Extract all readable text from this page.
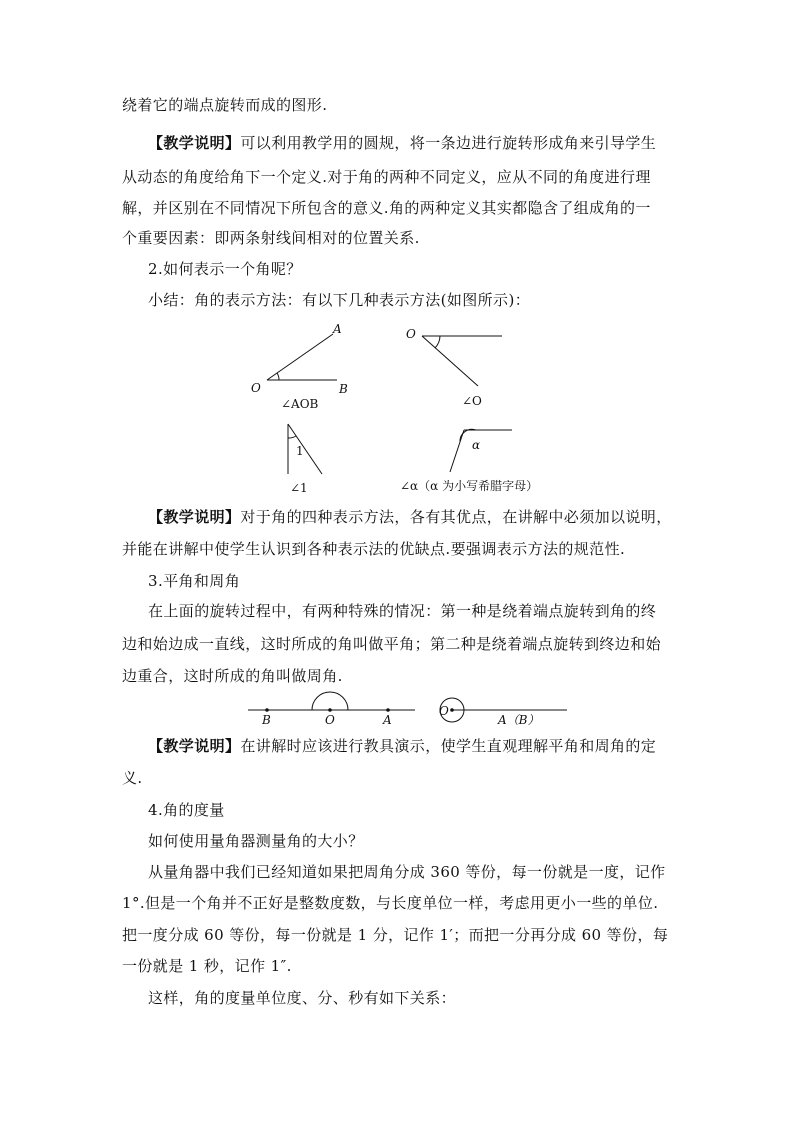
绕着它的端点旋转而成的图形.
【教学说明】可以利用教学用的圆规，将一条边进行旋转形成角来引导学生
从动态的角度给角下一个定义.对于角的两种不同定义，应从不同的角度进行理
解，并区别在不同情况下所包含的意义.角的两种定义其实都隐含了组成角的一
个重要因素：即两条射线间相对的位置关系.
2.如何表示一个角呢？
小结：角的表示方法：有以下几种表示方法(如图所示)：
A
O	B
∠AOB
O
∠O
1
∠1
α
∠α（α 为小写希腊字母）
【教学说明】对于角的四种表示方法，各有其优点，在讲解中必须加以说明，
并能在讲解中使学生认识到各种表示法的优缺点.要强调表示方法的规范性.
3.平角和周角
在上面的旋转过程中，有两种特殊的情况：第一种是绕着端点旋转到角的终
边和始边成一直线，这时所成的角叫做平角；第二种是绕着端点旋转到终边和始
边重合，这时所成的角叫做周角.
B	O	A
O
A（B）
【教学说明】在讲解时应该进行教具演示，使学生直观理解平角和周角的定
义.
4.角的度量
如何使用量角器测量角的大小？
从量角器中我们已经知道如果把周角分成 360 等份，每一份就是一度，记作
1°.但是一个角并不正好是整数度数，与长度单位一样，考虑用更小一些的单位.
把一度分成 60 等份，每一份就是 1 分，记作 1′；而把一分再分成 60 等份，每
一份就是 1 秒，记作 1″.
这样，角的度量单位度、分、秒有如下关系：
